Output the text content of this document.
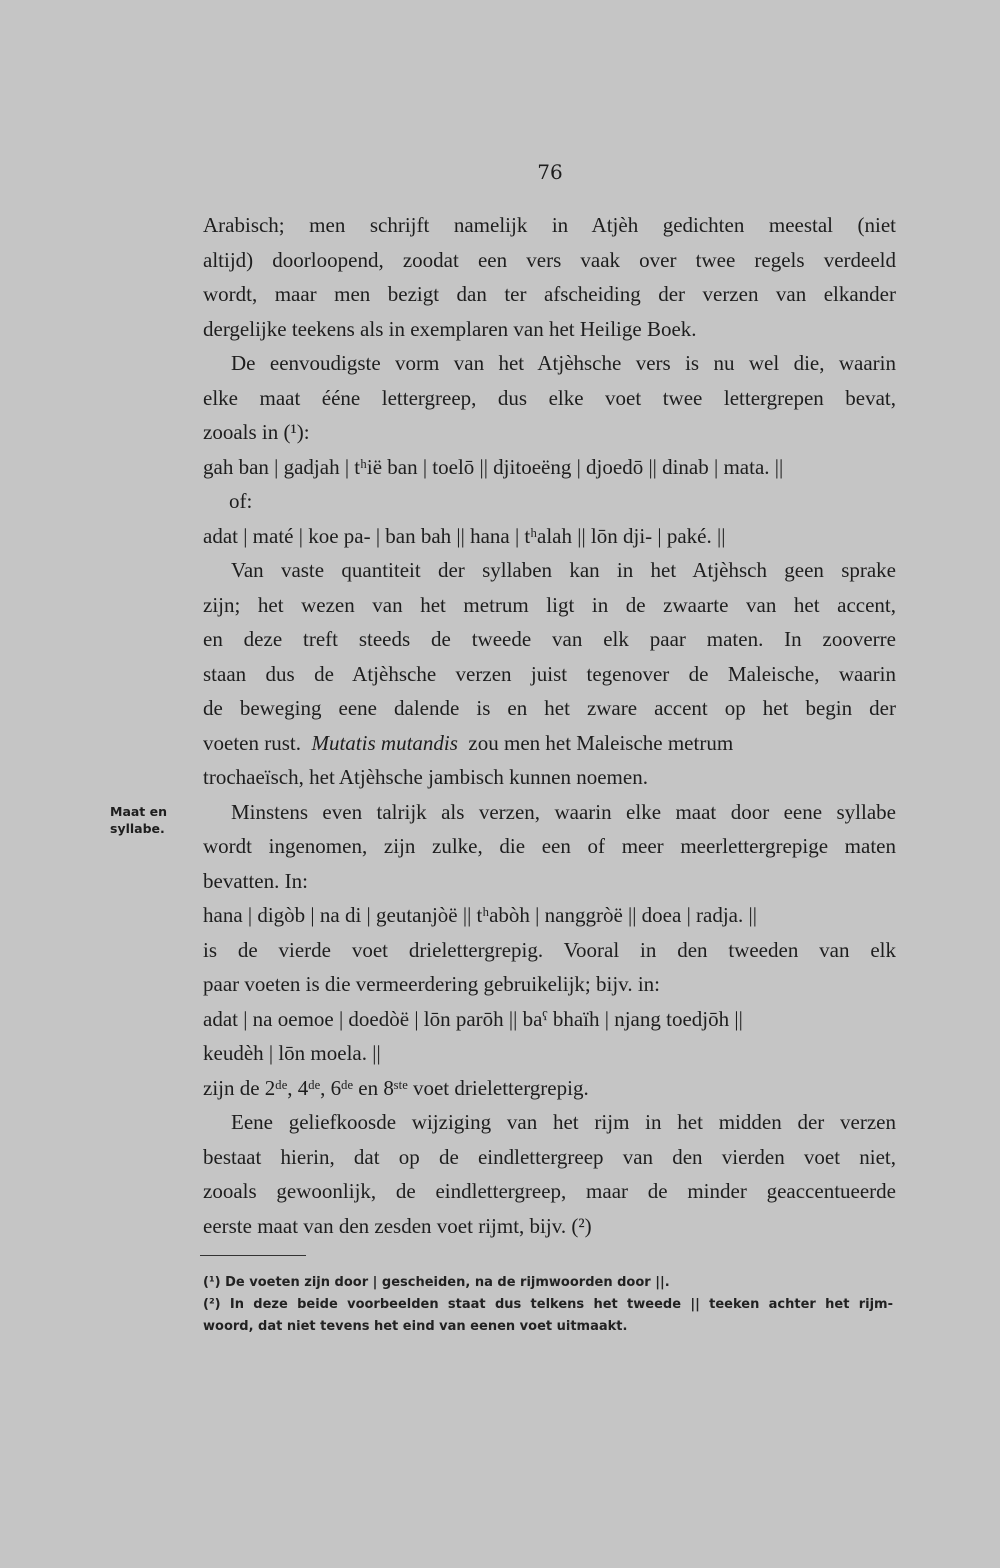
76
Maat en
syllabe.
Arabisch; men schrijft namelijk in Atjèh gedichten meestal (niet
altijd) doorloopend, zoodat een vers vaak over twee regels verdeeld
wordt, maar men bezigt dan ter afscheiding der verzen van elkander
dergelijke teekens als in exemplaren van het Heilige Boek.
De eenvoudigste vorm van het Atjèhsche vers is nu wel die, waarin
elke maat ééne lettergreep, dus elke voet twee lettergrepen bevat,
zooals in (¹):
gah ban | gadjah | tʰië ban | toelō || djitoeëng | djoedō || dinab | mata. ||
of:
adat | maté | koe pa- | ban bah || hana | tʰalah || lōn dji- | paké. ||
Van vaste quantiteit der syllaben kan in het Atjèhsch geen sprake
zijn; het wezen van het metrum ligt in de zwaarte van het accent,
en deze treft steeds de tweede van elk paar maten. In zooverre
staan dus de Atjèhsche verzen juist tegenover de Maleische, waarin
de beweging eene dalende is en het zware accent op het begin der
voeten rust. Mutatis mutandis zou men het Maleische metrum
trochaeïsch, het Atjèhsche jambisch kunnen noemen.
Minstens even talrijk als verzen, waarin elke maat door eene syllabe
wordt ingenomen, zijn zulke, die een of meer meerlettergrepige maten
bevatten. In:
hana | digòb | na di | geutanjòë || tʰabòh | nanggròë || doea | radja. ||
is de vierde voet drielettergrepig. Vooral in den tweeden van elk
paar voeten is die vermeerdering gebruikelijk; bijv. in:
adat | na oemoe | doedòë | lōn parōh || baˁ bhaïh | njang toedjōh ||
keudèh | lōn moela. ||
zijn de 2ᵈᵉ, 4ᵈᵉ, 6ᵈᵉ en 8ˢᵗᵉ voet drielettergrepig.
Eene geliefkoosde wijziging van het rijm in het midden der verzen
bestaat hierin, dat op de eindlettergreep van den vierden voet niet,
zooals gewoonlijk, de eindlettergreep, maar de minder geaccentueerde
eerste maat van den zesden voet rijmt, bijv. (²)
(¹) De voeten zijn door | gescheiden, na de rijmwoorden door ||.
(²) In deze beide voorbeelden staat dus telkens het tweede || teeken achter het rijm-
woord, dat niet tevens het eind van eenen voet uitmaakt.
